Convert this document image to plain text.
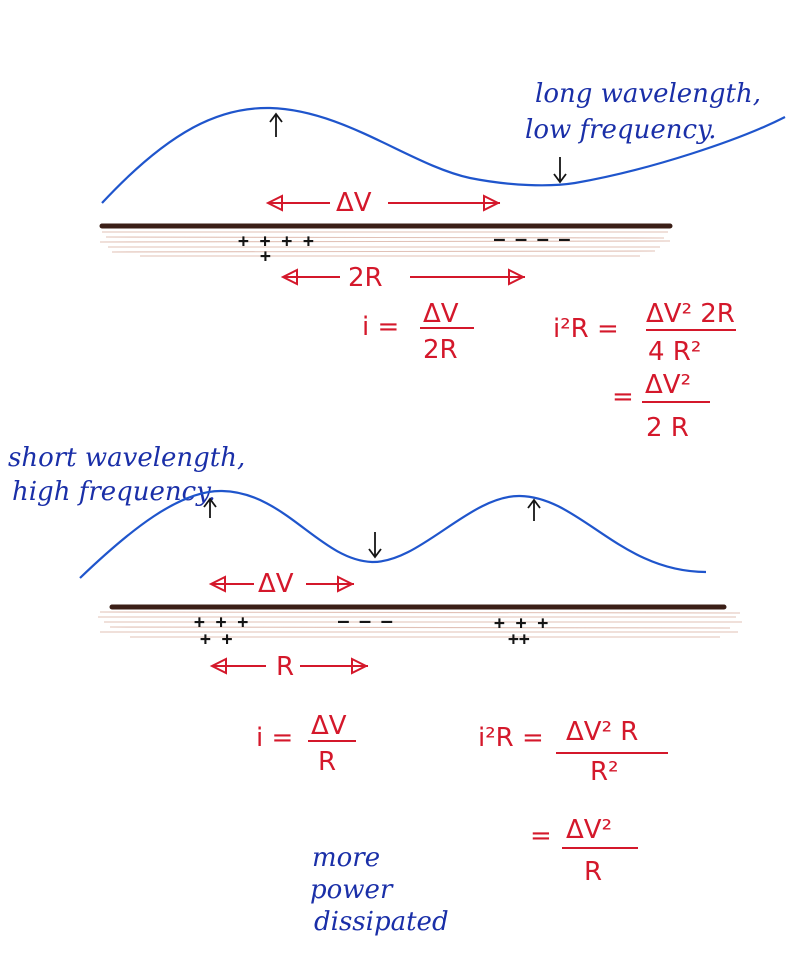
long wavelength,
low frequency.
ΔV
+ + + +
+
– – – –
2R
i = ΔV
2R
i²R = ΔV² 2R
4 R²
= ΔV²
2 R
short wavelength,
high frequency.
ΔV
+ + +
+ +
– – –	+ + +
++
R
i = ΔV
R
i²R = ΔV² R
R²
= ΔV²
R
more
power
dissipated
